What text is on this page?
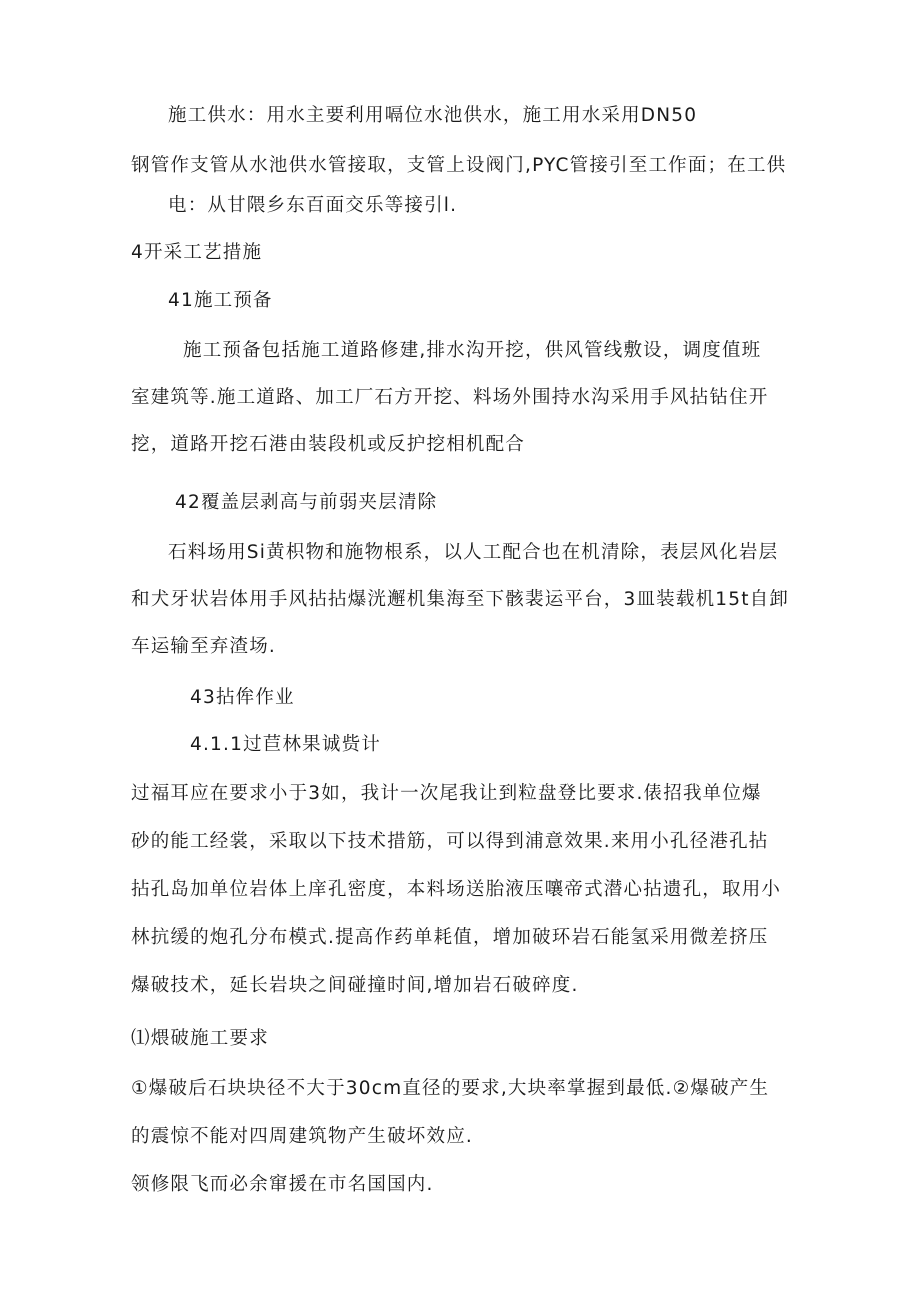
施工供水：用水主要利用嗝位水池供水，施工用水采用DN50
钢管作支管从水池供水管接取，支管上设阀门,PYC管接引至工作面；在工供
电：从甘隈乡东百面交乐等接引l.
4开采工艺措施
41施工预备
施工预备包括施工道路修建,排水沟开挖，供风管线敷设，调度值班
室建筑等.施工道路、加工厂石方开挖、料场外围持水沟采用手风拈钻住开
挖，道路开挖石港由装段机或反护挖相机配合
42覆盖层剥高与前弱夹层清除
石料场用Si黄枳物和施物根系，以人工配合也在机清除，表层风化岩层
和犬牙状岩体用手风拈拈爆洸邂机集海至下骸裴运平台，3皿装载机15t自卸
车运输至弃渣场.
43拈侔作业
4.1.1过苣林果诚赀计
过福耳应在要求小于3如，我计一次尾我让到粒盘登比要求.俵招我单位爆
砂的能工经裳，采取以下技术措筋，可以得到浦意效果.来用小孔径港孔拈
拈孔岛加单位岩体上庠孔密度，本料场送胎液压嚷帝式潜心拈遗孔，取用小
林抗缓的炮孔分布模式.提高作药单耗值，增加破环岩石能氢采用微差挤压
爆破技术，延长岩块之间碰撞时间,增加岩石破碎度.
⑴煨破施工要求
①爆破后石块块径不大于30cm直径的要求,大块率掌握到最低.②爆破产生
的震惊不能对四周建筑物产生破坏效应.
领修限飞而必余窜援在市名国国内.
